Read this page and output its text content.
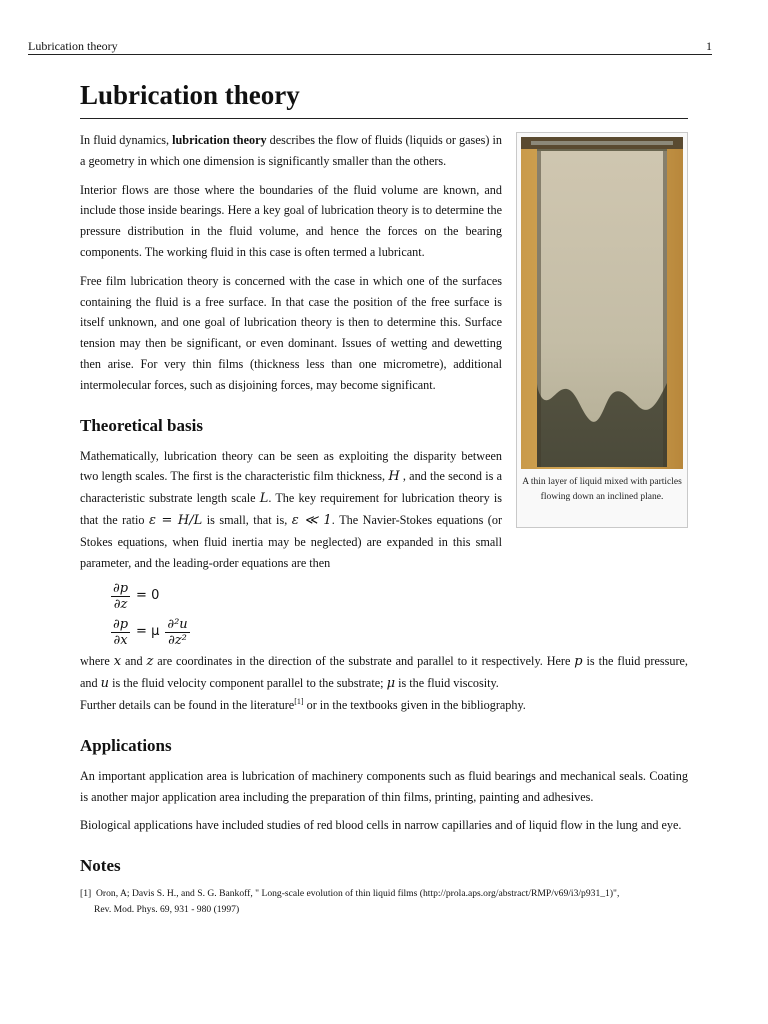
Lubrication theory	1
Lubrication theory
A thin layer of liquid mixed with particles flowing down an inclined plane.

In fluid dynamics, lubrication theory describes the flow of fluids (liquids or gases) in a geometry in which one dimension is significantly smaller than the others.

Interior flows are those where the boundaries of the fluid volume are known, and include those inside bearings. Here a key goal of lubrication theory is to determine the pressure distribution in the fluid volume, and hence the forces on the bearing components. The working fluid in this case is often termed a lubricant.

Free film lubrication theory is concerned with the case in which one of the surfaces containing the fluid is a free surface. In that case the position of the free surface is itself unknown, and one goal of lubrication theory is then to determine this. Surface tension may then be significant, or even dominant. Issues of wetting and dewetting then arise. For very thin films (thickness less than one micrometre), additional intermolecular forces, such as disjoining forces, may become significant.

Theoretical basis

Mathematically, lubrication theory can be seen as exploiting the disparity between two length scales. The first is the characteristic film thickness, H , and the second is a characteristic substrate length scale L. The key requirement for lubrication theory is that the ratio ε = H/L is small, that is, ε ≪ 1. The Navier-Stokes equations (or Stokes equations, when fluid inertia may be neglected) are expanded in this small parameter, and the leading-order equations are then

$\frac{\partial p}{\partial z} = 0$
$\frac{\partial p}{\partial x} = \mu \frac{\text{∂²u}}{\text{∂z²}}$

where x and z are coordinates in the direction of the substrate and parallel to it respectively. Here p is the fluid pressure, and u is the fluid velocity component parallel to the substrate; μ is the fluid viscosity.

Further details can be found in the literature[1] or in the textbooks given in the bibliography.

Applications

An important application area is lubrication of machinery components such as fluid bearings and mechanical seals. Coating is another major application area including the preparation of thin films, printing, painting and adhesives.

Biological applications have included studies of red blood cells in narrow capillaries and of liquid flow in the lung and eye.

Notes
[1] Oron, A; Davis S. H., and S. G. Bankoff, " Long-scale evolution of thin liquid films (http://prola.aps.org/abstract/RMP/v69/i3/p931_1)",
Rev. Mod. Phys. 69, 931 - 980 (1997)
